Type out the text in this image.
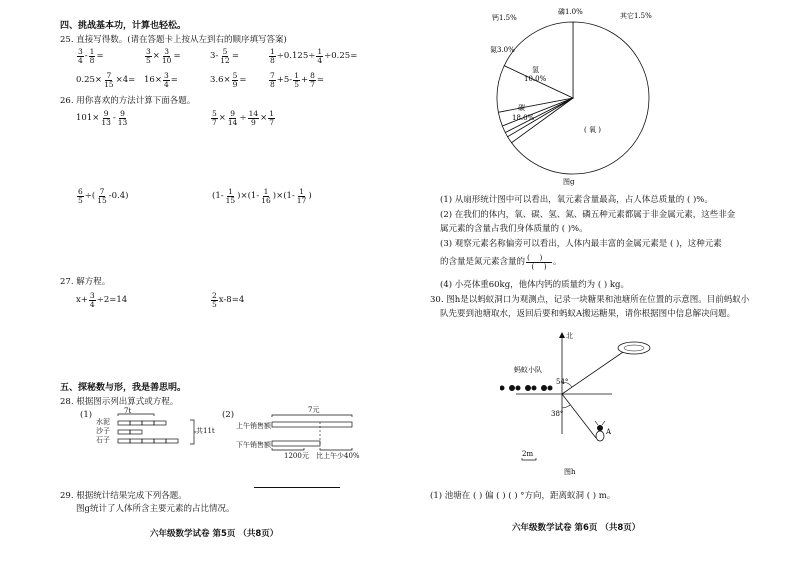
四、挑战基本功，计算也轻松。
25. 直接写得数。(请在答题卡上按从左到右的顺序填写答案)
$\frac{3}{4} - \frac{1}{8}$ =	$\frac{3}{5} \times \frac{3}{10}$ =	$3- \frac{5}{12}$ =	$\frac{1}{8} \div 0.125\div \frac{1}{4} \div 0.25=$
$0.25\times \frac{7}{15} \times 4= 16\times \frac{3}{4}$ =	$3.6\times \frac{5}{9}$ =	$\frac{7}{8} +5- \frac{1}{5} + \frac{8}{7}$ =
26. 用你喜欢的方法计算下面各题。
$101\times \frac{9}{13} - \frac{9}{13}$	$\frac{5}{7} \times \frac{9}{14} \div \frac{14}{9} \times \frac{1}{7}$
$\frac{6}{5}$ ÷( $\frac{7}{15} -0.4$)	$(1- \frac{1}{15} )\times(1- \frac{1}{16} )\times(1- \frac{1}{17}$ )
27. 解方程。
$x+ \frac{3}{4} \div 2=14$	$\frac{2}{5} x-8=4$
五、探秘数与形，我是善思明。
28. 根据图示列出算式或方程。
(1)	7t
水泥
沙子
石子
共11t
(2)	7元
上午销售额
下午销售额
1200元 比上午少40%
29. 根据统计结果完成下列各题。
图g统计了人体所含主要元素的占比情况。
六年级数学试卷 第5页 （共8页）
钙1.5%
磷1.0%	其它1.5%
氮3.0%
氢
10.0%
碳
18.0%
( 氧 )
图g
(1) 从扇形统计图中可以看出，氧元素含量最高，占人体总质量的 ( )%。
(2) 在我们的体内，氧、碳、氢、氮、磷五种元素都属于非金属元素，这些非金
属元素的含量占我们身体质量的 ( )%。
(3) 观察元素名称偏旁可以看出，人体内最丰富的金属元素是 ( )，这种元素
的含量是氮元素含量的 $\frac{( )}{( )}$ 。
(4) 小亮体重60kg，他体内钙的质量约为 ( ) kg。
30. 图h是以蚂蚁洞口为观测点，记录一块糖果和池塘所在位置的示意图。目前蚂蚁小
队先要到池塘取水，返回后要和蚂蚁A搬运糖果，请你根据图中信息解决问题。
北
蚂蚁小队
54°
38°
A
2m
图h
(1) 池塘在 ( ) 偏 ( ) ( ) °方向，距离蚁洞 ( ) m。
六年级数学试卷 第6页 （共8页）
